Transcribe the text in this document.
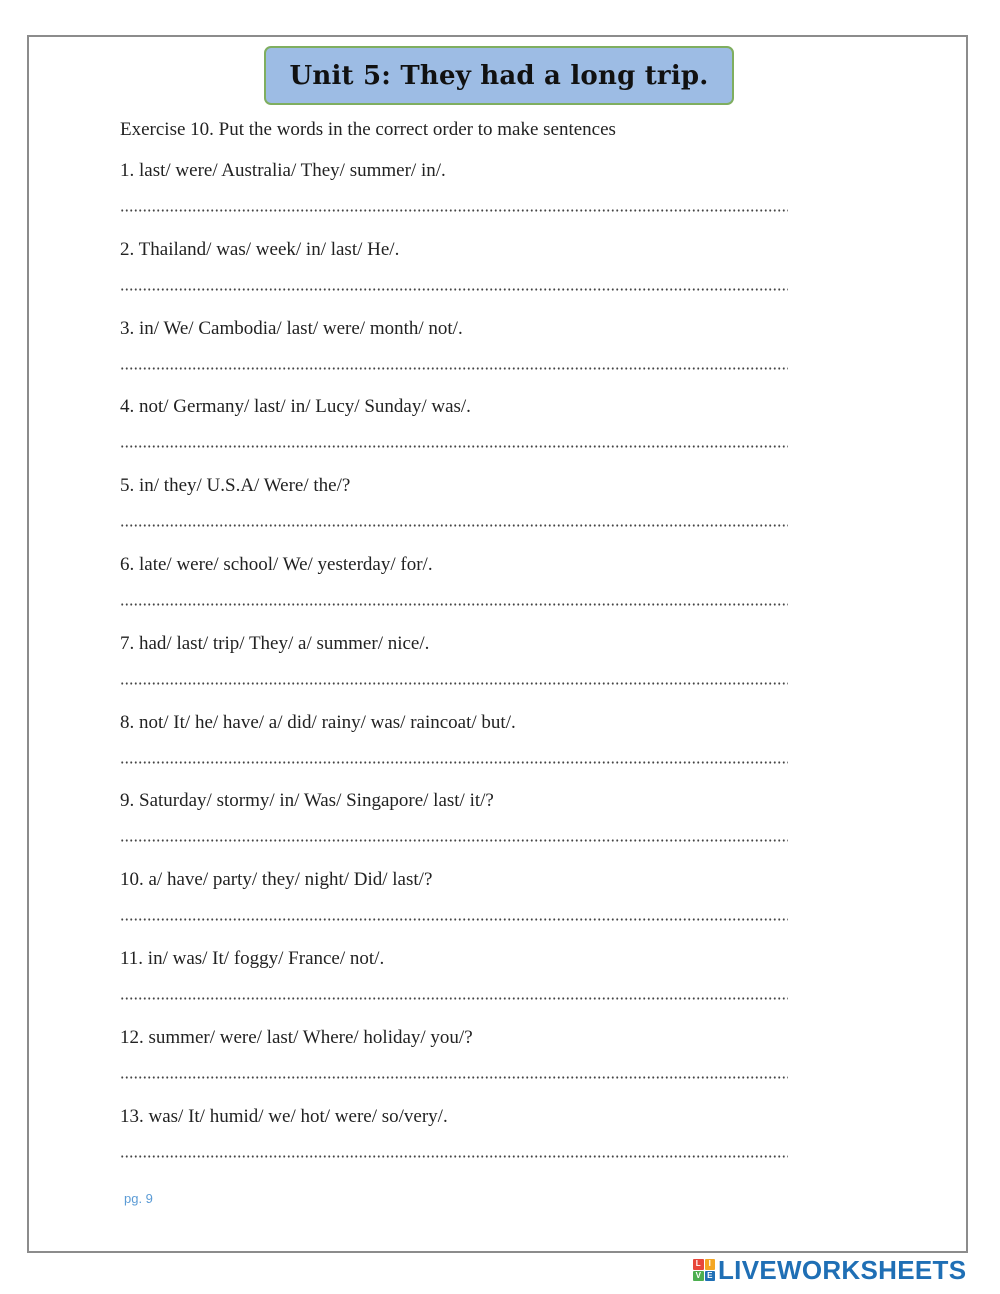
Unit 5: They had a long trip.
Exercise 10. Put the words in the correct order to make sentences
1. last/ were/ Australia/ They/ summer/ in/.
2. Thailand/ was/ week/ in/ last/ He/.
3. in/ We/ Cambodia/ last/ were/ month/ not/.
4. not/ Germany/ last/ in/ Lucy/ Sunday/ was/.
5. in/ they/ U.S.A/ Were/ the/?
6. late/ were/ school/ We/ yesterday/ for/.
7. had/ last/ trip/ They/ a/ summer/ nice/.
8. not/ It/ he/ have/ a/ did/ rainy/ was/ raincoat/ but/.
9. Saturday/ stormy/ in/ Was/ Singapore/ last/ it/?
10. a/ have/ party/ they/ night/ Did/ last/?
11. in/ was/ It/ foggy/ France/ not/.
12. summer/ were/ last/ Where/ holiday/ you/?
13. was/ It/ humid/ we/ hot/ were/ so/very/.
pg. 9
L I
V E LIVEWORKSHEETS
